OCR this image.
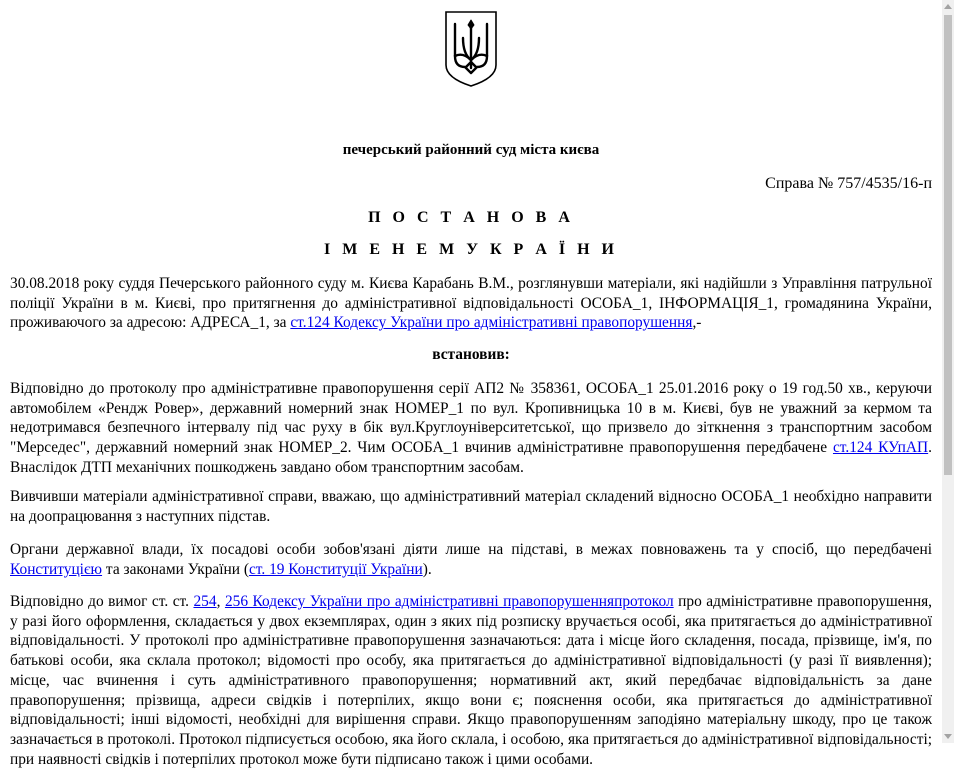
печерський районний суд міста києва
Справа № 757/4535/16-п
П О С Т А Н О В А
І М Е Н Е М У К Р А Ї Н И
30.08.2018 року суддя Печерського районного суду м. Києва Карабань В.М., розглянувши матеріали, які надійшли з Управління патрульної поліції України в м. Києві, про притягнення до адміністративної відповідальності ОСОБА_1, ІНФОРМАЦІЯ_1, громадянина України, проживаючого за адресою: АДРЕСА_1, за ст.124 Кодексу України про адміністративні правопорушення,-
встановив:
Відповідно до протоколу про адміністративне правопорушення серії АП2 № 358361, ОСОБА_1 25.01.2016 року о 19 год.50 хв., керуючи автомобілем «Рендж Ровер», державний номерний знак НОМЕР_1 по вул. Кропивницька 10 в м. Києві, був не уважний за кермом та недотримався безпечного інтервалу під час руху в бік вул.Круглоуніверситетської, що призвело до зіткнення з транспортним засобом "Мерседес", державний номерний знак НОМЕР_2. Чим ОСОБА_1 вчинив адміністративне правопорушення передбачене ст.124 КУпАП. Внаслідок ДТП механічних пошкоджень завдано обом транспортним засобам.
Вивчивши матеріали адміністративної справи, вважаю, що адміністративний матеріал складений відносно ОСОБА_1 необхідно направити на доопрацювання з наступних підстав.
Органи державної влади, їх посадові особи зобов'язані діяти лише на підставі, в межах повноважень та у спосіб, що передбачені Конституцією та законами України (ст. 19 Конституції України).
Відповідно до вимог ст. ст. 254, 256 Кодексу України про адміністративні правопорушенняпротокол про адміністративне правопорушення, у разі його оформлення, складається у двох екземплярах, один з яких під розписку вручається особі, яка притягається до адміністративної відповідальності. У протоколі про адміністративне правопорушення зазначаються: дата і місце його складення, посада, прізвище, ім'я, по батькові особи, яка склала протокол; відомості про особу, яка притягається до адміністративної відповідальності (у разі її виявлення); місце, час вчинення і суть адміністративного правопорушення; нормативний акт, який передбачає відповідальність за дане правопорушення; прізвища, адреси свідків і потерпілих, якщо вони є; пояснення особи, яка притягається до адміністративної відповідальності; інші відомості, необхідні для вирішення справи. Якщо правопорушенням заподіяно матеріальну шкоду, про це також зазначається в протоколі. Протокол підписується особою, яка його склала, і особою, яка притягається до адміністративної відповідальності; при наявності свідків і потерпілих протокол може бути підписано також і цими особами.
